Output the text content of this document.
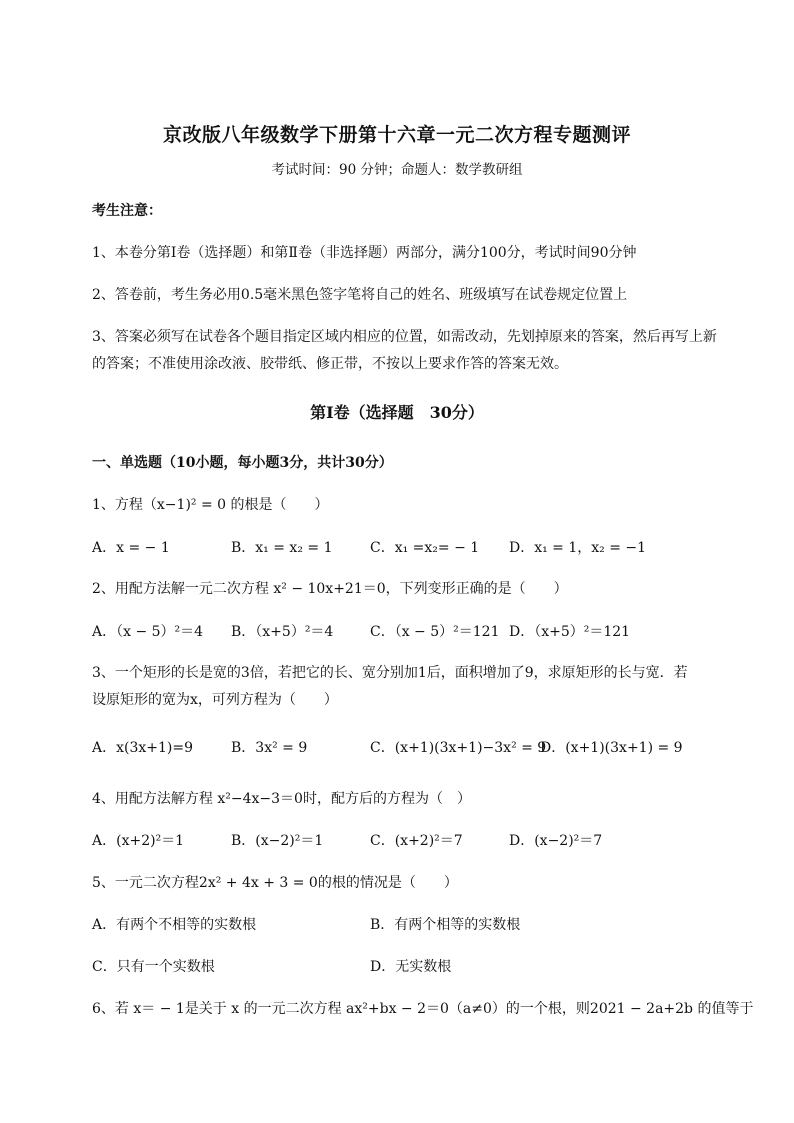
京改版八年级数学下册第十六章一元二次方程专题测评
考试时间：90 分钟；命题人：数学教研组
考生注意：
1、本卷分第Ⅰ卷（选择题）和第Ⅱ卷（非选择题）两部分，满分100分，考试时间90分钟
2、答卷前，考生务必用0.5毫米黑色签字笔将自己的姓名、班级填写在试卷规定位置上
3、答案必须写在试卷各个题目指定区域内相应的位置，如需改动，先划掉原来的答案，然后再写上新
的答案；不准使用涂改液、胶带纸、修正带，不按以上要求作答的答案无效。
第Ⅰ卷（选择题　30分）
一、单选题（10小题，每小题3分，共计30分）
1、方程（x−1)² = 0 的根是（　　）
A．x = − 1	B．x₁ = x₂ = 1	C．x₁ =x₂= − 1 D．x₁ = 1，x₂ = −1
2、用配方法解一元二次方程 x² − 10x+21＝0，下列变形正确的是（　　）
A．（x − 5）²＝4 B．（x+5）²＝4	C．（x − 5）²＝121 D．（x+5）²＝121
3、一个矩形的长是宽的3倍，若把它的长、宽分别加1后，面积增加了9，求原矩形的长与宽．若
设原矩形的宽为x，可列方程为（　　）
A．x(3x+1)=9	B．3x² = 9	C．(x+1)(3x+1)−3x² = 9
D．(x+1)(3x+1) = 9
4、用配方法解方程 x²−4x−3＝0时，配方后的方程为（　）
A．(x+2)²＝1	B．(x−2)²＝1	C．(x+2)²＝7	D．(x−2)²＝7
5、一元二次方程2x² + 4x + 3 = 0的根的情况是（　　）
A．有两个不相等的实数根	B．有两个相等的实数根
C．只有一个实数根	D．无实数根
6、若 x＝ − 1是关于 x 的一元二次方程 ax²+bx − 2＝0（a≠0）的一个根，则2021 − 2a+2b 的值等于
